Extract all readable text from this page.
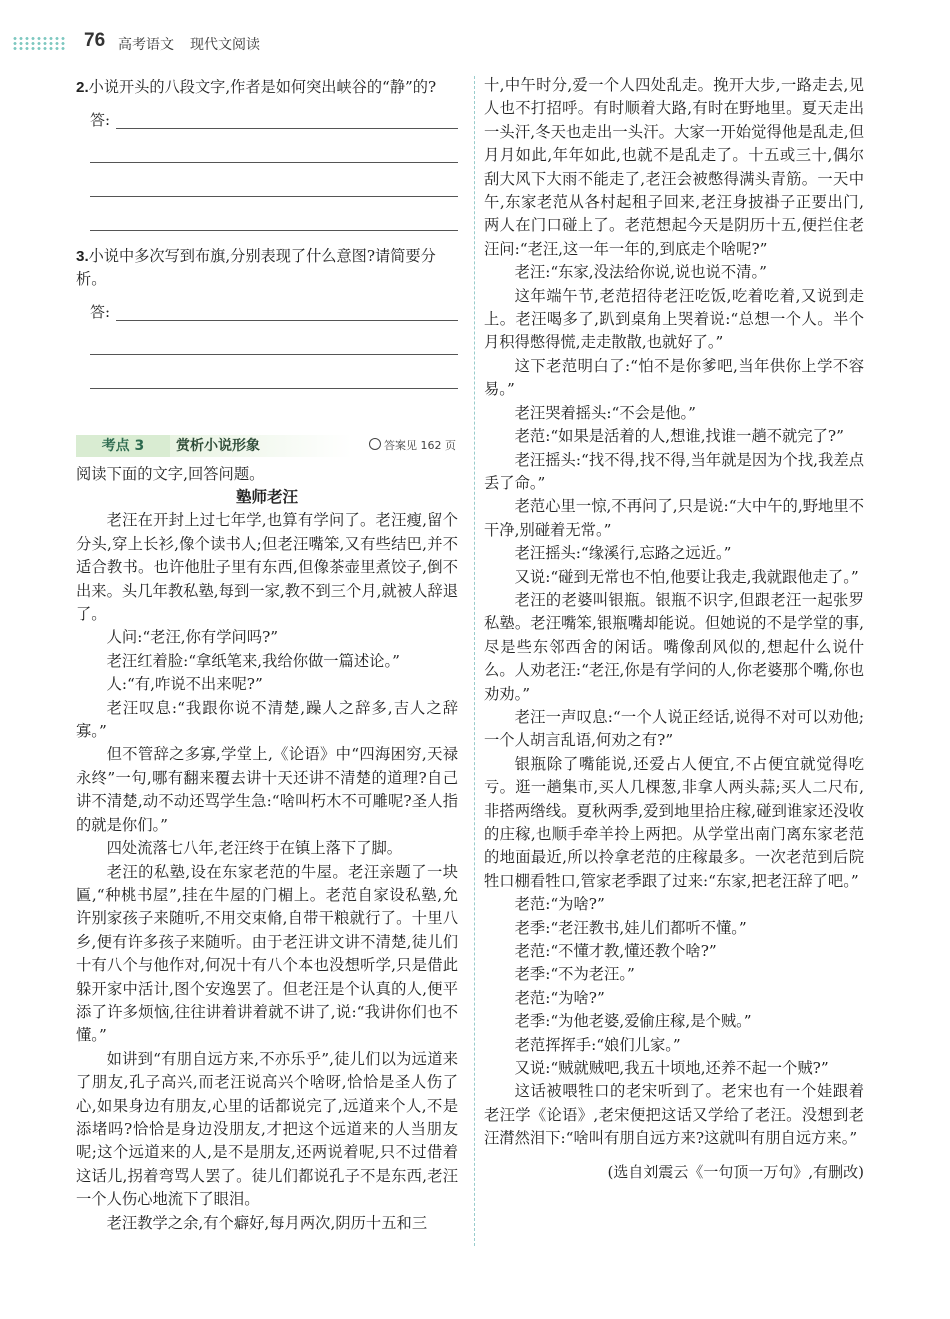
76 高考语文 现代文阅读

2.小说开头的八段文字,作者是如何突出峡谷的“静”的?

答:

3.小说中多次写到布旗,分别表现了什么意图?请简要分析。

答:
考点 3	赏析小说形象	答案见 162 页

阅读下面的文字,回答问题。

塾师老汪

老汪在开封上过七年学,也算有学问了。老汪瘦,留个分头,穿上长衫,像个读书人;但老汪嘴笨,又有些结巴,并不适合教书。也许他肚子里有东西,但像茶壶里煮饺子,倒不出来。头几年教私塾,每到一家,教不到三个月,就被人辞退了。

人问:“老汪,你有学问吗?”

老汪红着脸:“拿纸笔来,我给你做一篇述论。”

人:“有,咋说不出来呢?”

老汪叹息:“我跟你说不清楚,躁人之辞多,吉人之辞寡。”

但不管辞之多寡,学堂上,《论语》中“四海困穷,天禄永终”一句,哪有翻来覆去讲十天还讲不清楚的道理?自己讲不清楚,动不动还骂学生急:“啥叫朽木不可雕呢?圣人指的就是你们。”

四处流落七八年,老汪终于在镇上落下了脚。

老汪的私塾,设在东家老范的牛屋。老汪亲题了一块匾,“种桃书屋”,挂在牛屋的门楣上。老范自家设私塾,允许别家孩子来随听,不用交束脩,自带干粮就行了。十里八乡,便有许多孩子来随听。由于老汪讲文讲不清楚,徒儿们十有八个与他作对,何况十有八个本也没想听学,只是借此躲开家中活计,图个安逸罢了。但老汪是个认真的人,便平添了许多烦恼,往往讲着讲着就不讲了,说:“我讲你们也不懂。”

如讲到“有朋自远方来,不亦乐乎”,徒儿们以为远道来了朋友,孔子高兴,而老汪说高兴个啥呀,恰恰是圣人伤了心,如果身边有朋友,心里的话都说完了,远道来个人,不是添堵吗?恰恰是身边没朋友,才把这个远道来的人当朋友呢;这个远道来的人,是不是朋友,还两说着呢,只不过借着这话儿,拐着弯骂人罢了。徒儿们都说孔子不是东西,老汪一个人伤心地流下了眼泪。

老汪教学之余,有个癖好,每月两次,阴历十五和三

十,中午时分,爱一个人四处乱走。挽开大步,一路走去,见人也不打招呼。有时顺着大路,有时在野地里。夏天走出一头汗,冬天也走出一头汗。大家一开始觉得他是乱走,但月月如此,年年如此,也就不是乱走了。十五或三十,偶尔刮大风下大雨不能走了,老汪会被憋得满头青筋。一天中午,东家老范从各村起租子回来,老汪身披褂子正要出门,两人在门口碰上了。老范想起今天是阴历十五,便拦住老汪问:“老汪,这一年一年的,到底走个啥呢?”

老汪:“东家,没法给你说,说也说不清。”

这年端午节,老范招待老汪吃饭,吃着吃着,又说到走上。老汪喝多了,趴到桌角上哭着说:“总想一个人。半个月积得憋得慌,走走散散,也就好了。”

这下老范明白了:“怕不是你爹吧,当年供你上学不容易。”

老汪哭着摇头:“不会是他。”

老范:“如果是活着的人,想谁,找谁一趟不就完了?”

老汪摇头:“找不得,找不得,当年就是因为个找,我差点丢了命。”

老范心里一惊,不再问了,只是说:“大中午的,野地里不干净,别碰着无常。”

老汪摇头:“缘溪行,忘路之远近。”

又说:“碰到无常也不怕,他要让我走,我就跟他走了。”

老汪的老婆叫银瓶。银瓶不识字,但跟老汪一起张罗私塾。老汪嘴笨,银瓶嘴却能说。但她说的不是学堂的事,尽是些东邻西舍的闲话。嘴像刮风似的,想起什么说什么。人劝老汪:“老汪,你是有学问的人,你老婆那个嘴,你也劝劝。”

老汪一声叹息:“一个人说正经话,说得不对可以劝他;一个人胡言乱语,何劝之有?”

银瓶除了嘴能说,还爱占人便宜,不占便宜就觉得吃亏。逛一趟集市,买人几棵葱,非拿人两头蒜;买人二尺布,非搭两绺线。夏秋两季,爱到地里拾庄稼,碰到谁家还没收的庄稼,也顺手牵羊拎上两把。从学堂出南门离东家老范的地面最近,所以拎拿老范的庄稼最多。一次老范到后院牲口棚看牲口,管家老季跟了过来:“东家,把老汪辞了吧。”

老范:“为啥?”

老季:“老汪教书,娃儿们都听不懂。”

老范:“不懂才教,懂还教个啥?”

老季:“不为老汪。”

老范:“为啥?”

老季:“为他老婆,爱偷庄稼,是个贼。”

老范挥挥手:“娘们儿家。”

又说:“贼就贼吧,我五十顷地,还养不起一个贼?”

这话被喂牲口的老宋听到了。老宋也有一个娃跟着老汪学《论语》,老宋便把这话又学给了老汪。没想到老汪潸然泪下:“啥叫有朋自远方来?这就叫有朋自远方来。”

(选自刘震云《一句顶一万句》,有删改)
